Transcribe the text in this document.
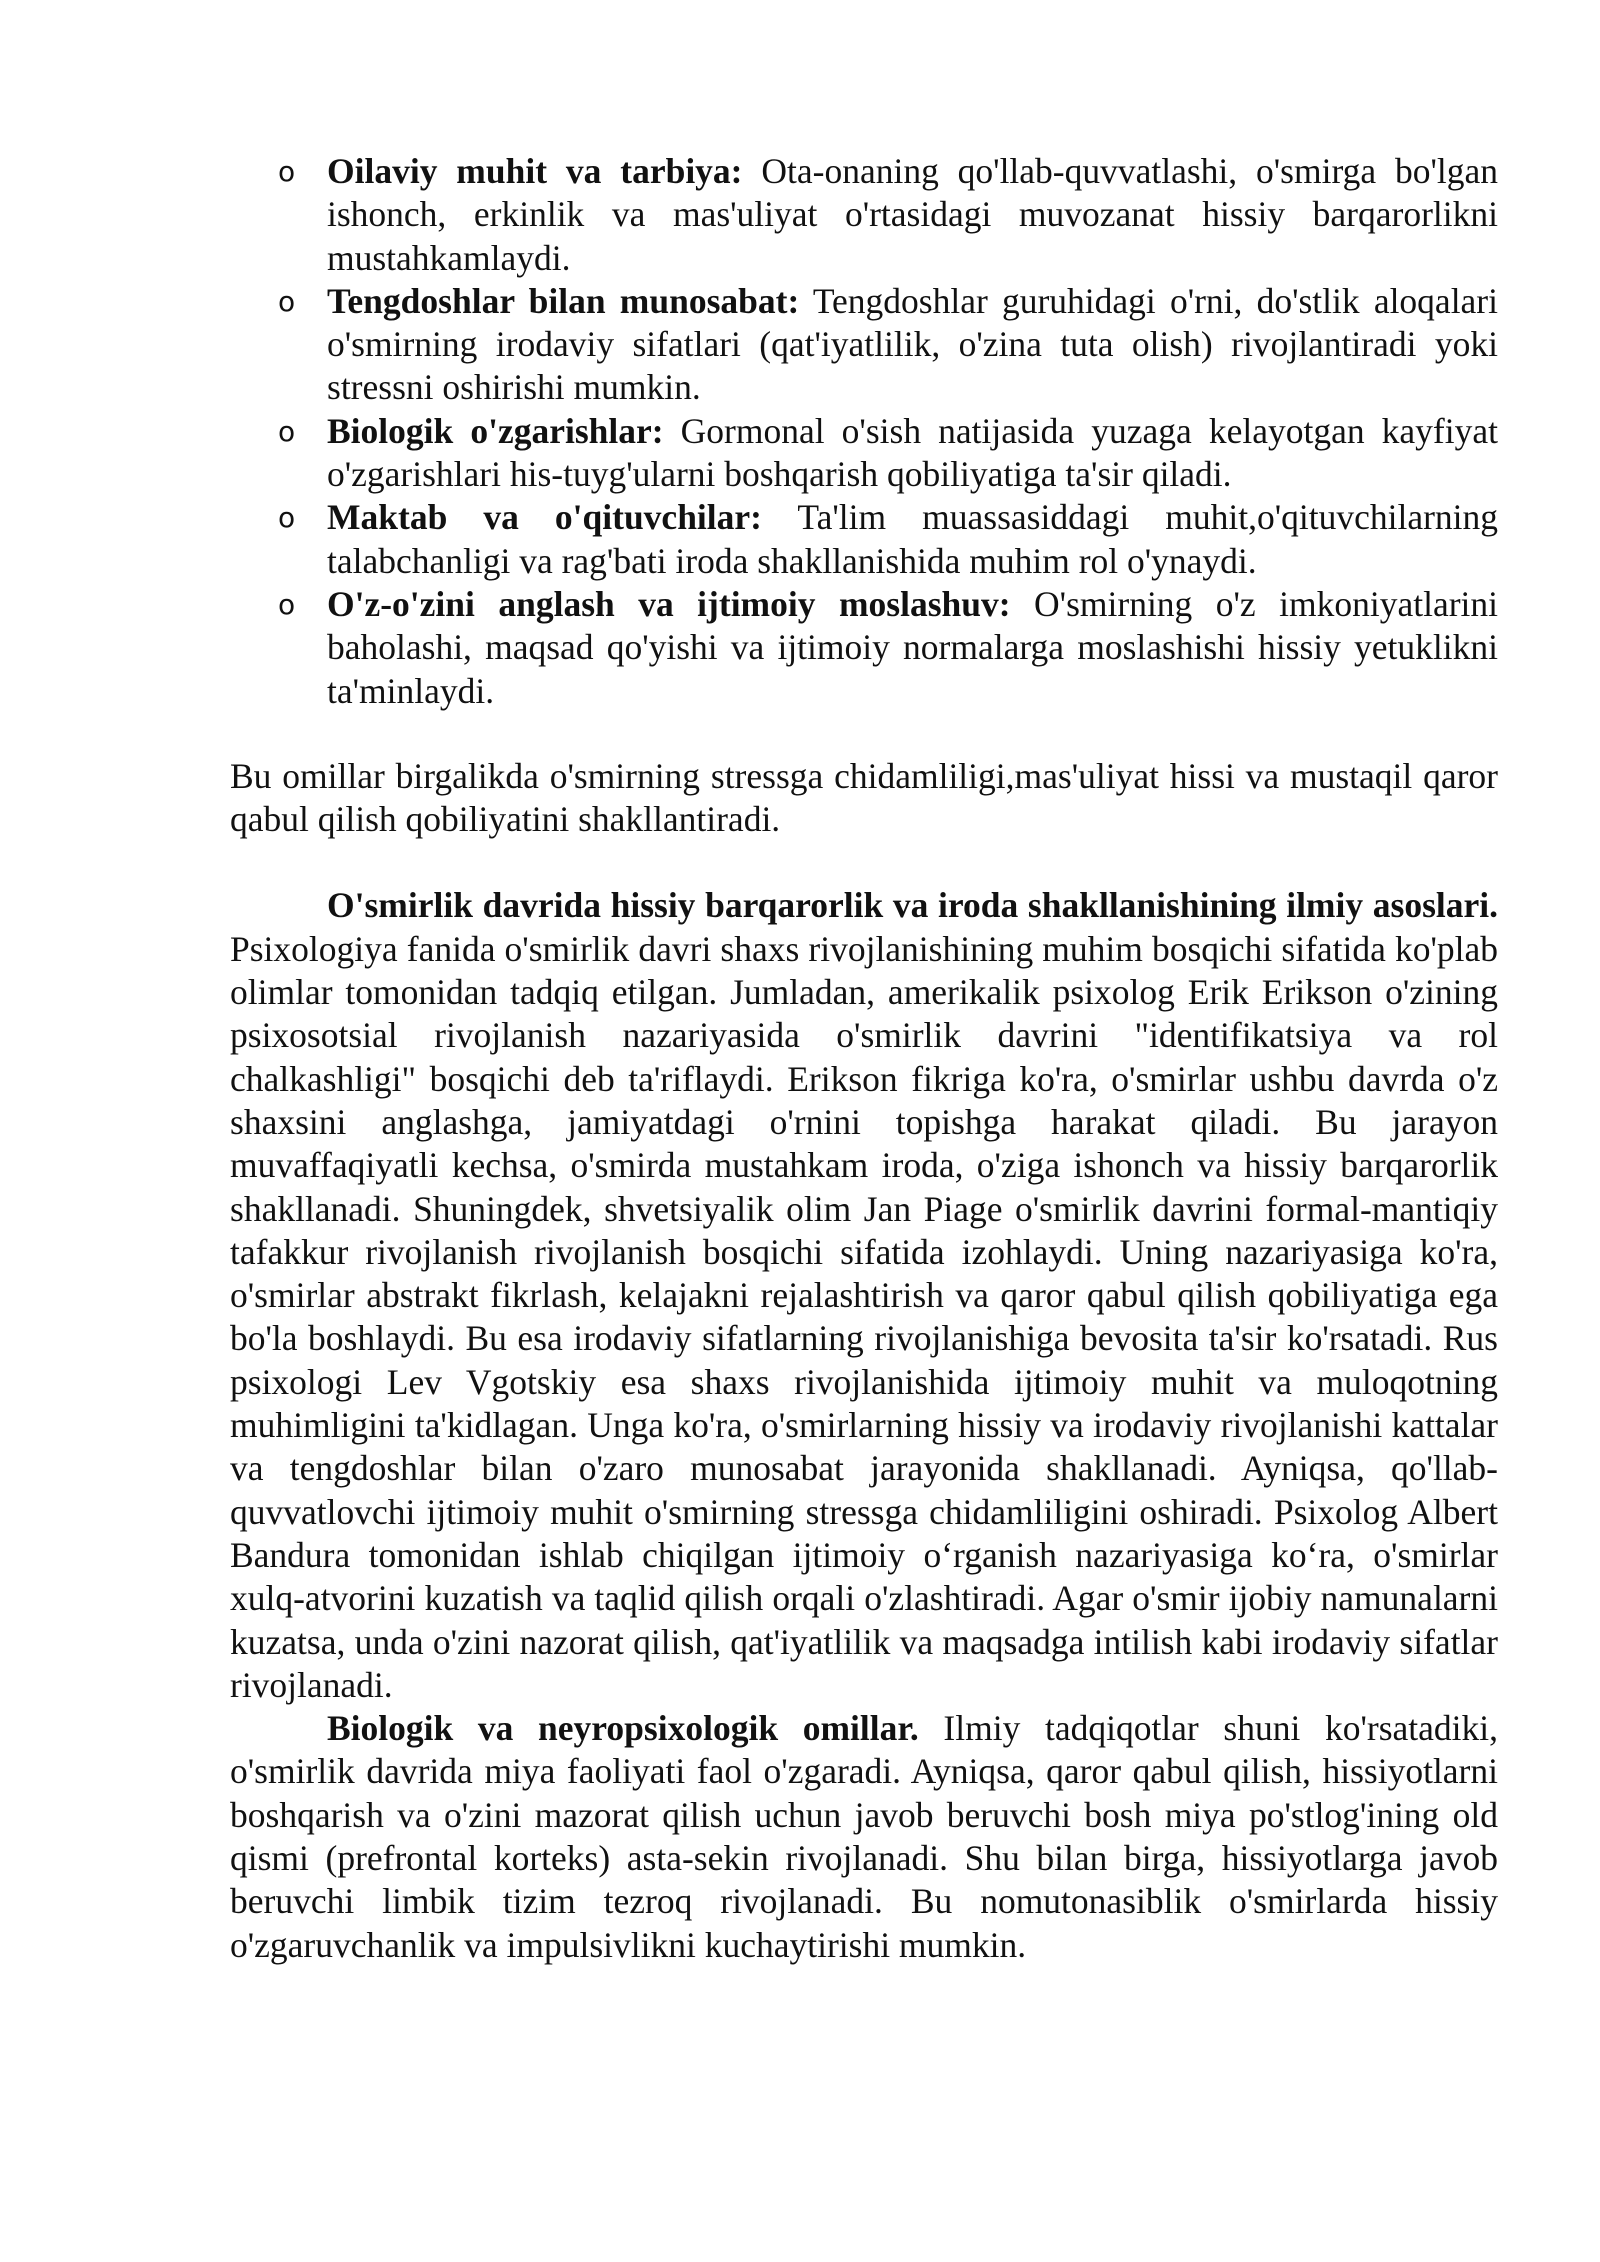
o Oilaviy muhit va tarbiya: Ota-onaning qo'llab-quvvatlashi, o'smirga bo'lgan ishonch, erkinlik va mas'uliyat o'rtasidagi muvozanat hissiy barqarorlikni mustahkamlaydi.
o Tengdoshlar bilan munosabat: Tengdoshlar guruhidagi o'rni, do'stlik aloqalari o'smirning irodaviy sifatlari (qat'iyatlilik, o'zina tuta olish) rivojlantiradi yoki stressni oshirishi mumkin.
o Biologik o'zgarishlar: Gormonal o'sish natijasida yuzaga kelayotgan kayfiyat o'zgarishlari his-tuyg'ularni boshqarish qobiliyatiga ta'sir qiladi.
o Maktab va o'qituvchilar: Ta'lim muassasiddagi muhit,o'qituvchilarning talabchanligi va rag'bati iroda shakllanishida muhim rol o'ynaydi.
o O'z-o'zini anglash va ijtimoiy moslashuv: O'smirning o'z imkoniyatlarini baholashi, maqsad qo'yishi va ijtimoiy normalarga moslashishi hissiy yetuklikni ta'minlaydi.

Bu omillar birgalikda o'smirning stressga chidamliligi,mas'uliyat hissi va mustaqil qaror qabul qilish qobiliyatini shakllantiradi.

O'smirlik davrida hissiy barqarorlik va iroda shakllanishining ilmiy asoslari. Psixologiya fanida o'smirlik davri shaxs rivojlanishining muhim bosqichi sifatida ko'plab olimlar tomonidan tadqiq etilgan. Jumladan, amerikalik psixolog Erik Erikson o'zining psixosotsial rivojlanish nazariyasida o'smirlik davrini "identifikatsiya va rol chalkashligi" bosqichi deb ta'riflaydi. Erikson fikriga ko'ra, o'smirlar ushbu davrda o'z shaxsini anglashga, jamiyatdagi o'rnini topishga harakat qiladi. Bu jarayon muvaffaqiyatli kechsa, o'smirda mustahkam iroda, o'ziga ishonch va hissiy barqarorlik shakllanadi. Shuningdek, shvetsiyalik olim Jan Piage o'smirlik davrini formal-mantiqiy tafakkur rivojlanish rivojlanish bosqichi sifatida izohlaydi. Uning nazariyasiga ko'ra, o'smirlar abstrakt fikrlash, kelajakni rejalashtirish va qaror qabul qilish qobiliyatiga ega bo'la boshlaydi. Bu esa irodaviy sifatlarning rivojlanishiga bevosita ta'sir ko'rsatadi. Rus psixologi Lev Vgotskiy esa shaxs rivojlanishida ijtimoiy muhit va muloqotning muhimligini ta'kidlagan. Unga ko'ra, o'smirlarning hissiy va irodaviy rivojlanishi kattalar va tengdoshlar bilan o'zaro munosabat jarayonida shakllanadi. Ayniqsa, qo'llab-quvvatlovchi ijtimoiy muhit o'smirning stressga chidamliligini oshiradi. Psixolog Albert Bandura tomonidan ishlab chiqilgan ijtimoiy o‘rganish nazariyasiga ko‘ra, o'smirlar xulq-atvorini kuzatish va taqlid qilish orqali o'zlashtiradi. Agar o'smir ijobiy namunalarni kuzatsa, unda o'zini nazorat qilish, qat'iyatlilik va maqsadga intilish kabi irodaviy sifatlar rivojlanadi.

Biologik va neyropsixologik omillar. Ilmiy tadqiqotlar shuni ko'rsatadiki, o'smirlik davrida miya faoliyati faol o'zgaradi. Ayniqsa, qaror qabul qilish, hissiyotlarni boshqarish va o'zini mazorat qilish uchun javob beruvchi bosh miya po'stlog'ining old qismi (prefrontal korteks) asta-sekin rivojlanadi. Shu bilan birga, hissiyotlarga javob beruvchi limbik tizim tezroq rivojlanadi. Bu nomutonasiblik o'smirlarda hissiy o'zgaruvchanlik va impulsivlikni kuchaytirishi mumkin.
